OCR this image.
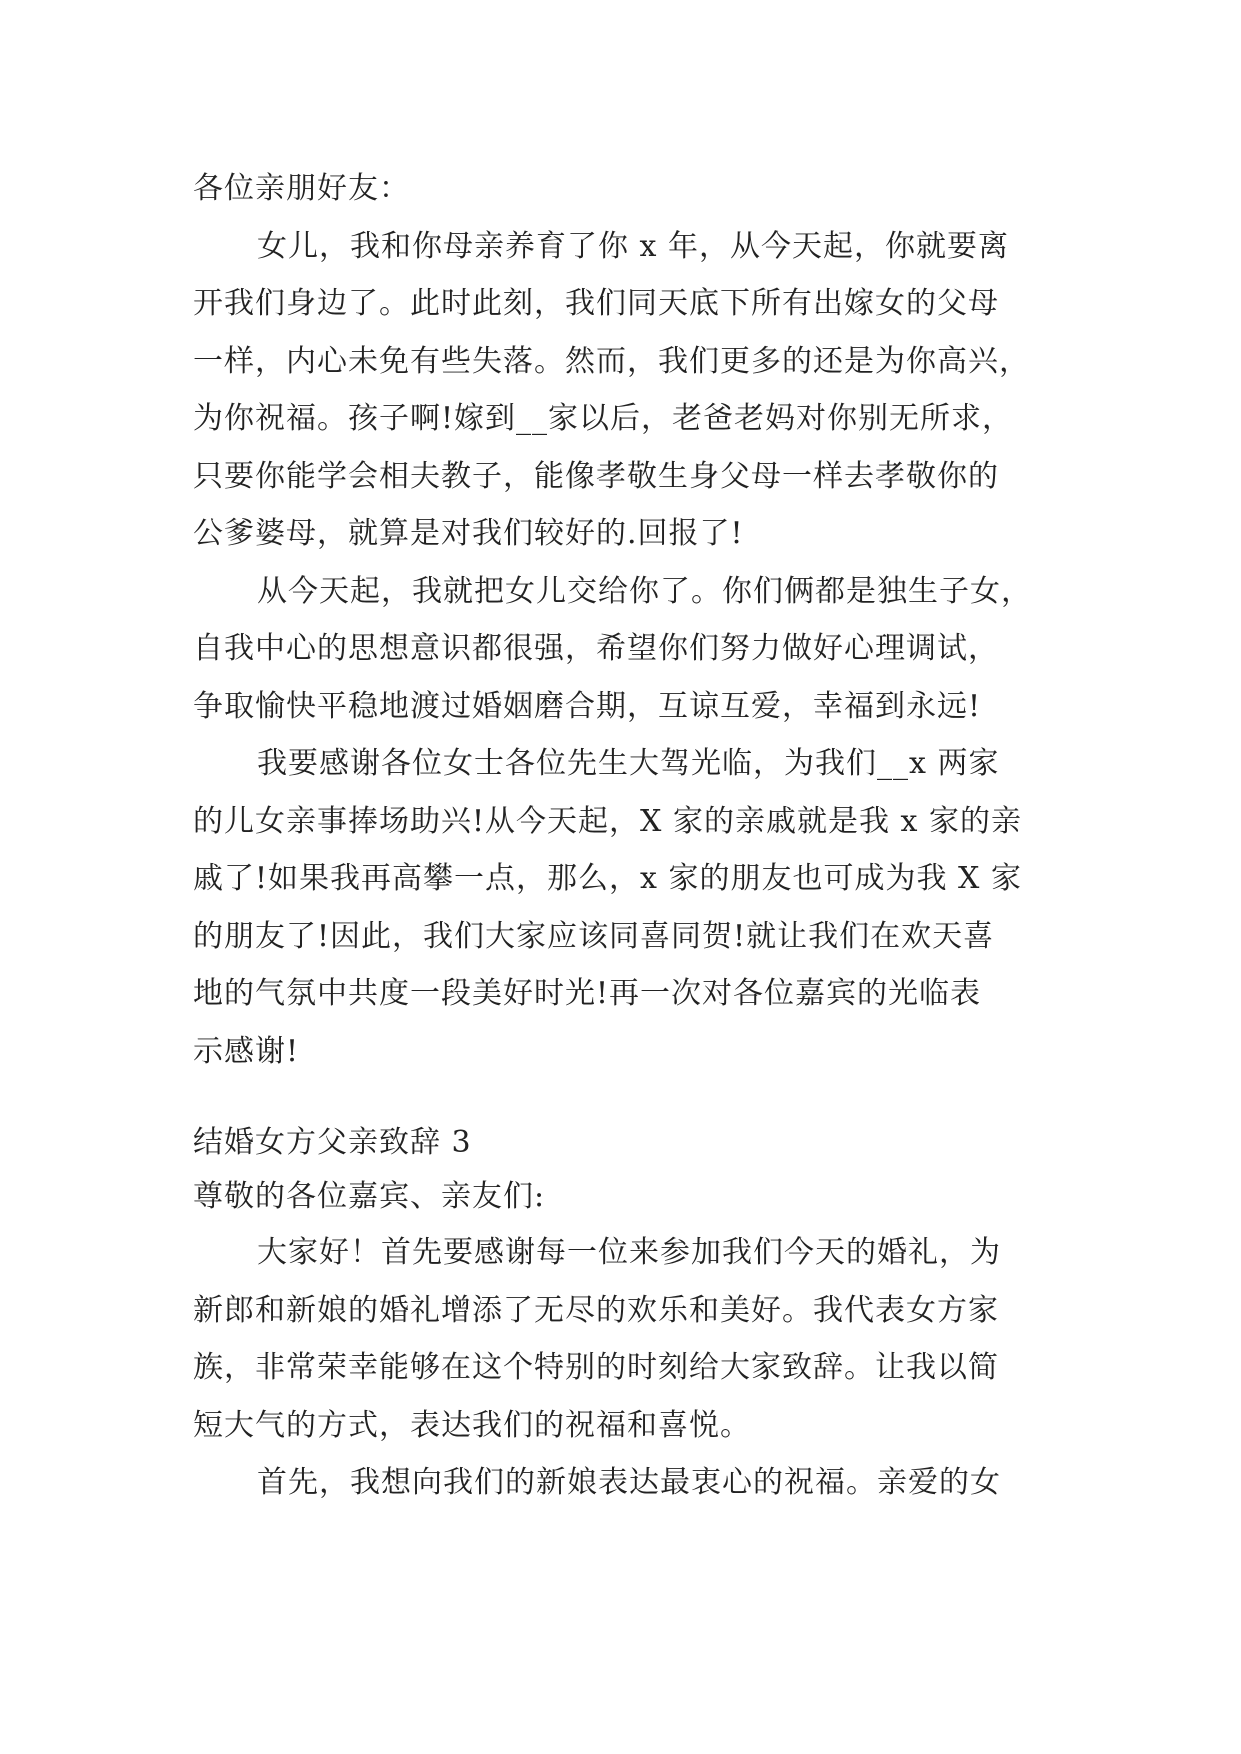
各位亲朋好友：
女儿，我和你母亲养育了你 x 年，从今天起，你就要离
开我们身边了。此时此刻，我们同天底下所有出嫁女的父母
一样，内心未免有些失落。然而，我们更多的还是为你高兴，
为你祝福。孩子啊!嫁到__家以后，老爸老妈对你别无所求，
只要你能学会相夫教子，能像孝敬生身父母一样去孝敬你的
公爹婆母，就算是对我们较好的.回报了!
从今天起，我就把女儿交给你了。你们俩都是独生子女，
自我中心的思想意识都很强，希望你们努力做好心理调试，
争取愉快平稳地渡过婚姻磨合期，互谅互爱，幸福到永远!
我要感谢各位女士各位先生大驾光临，为我们__x 两家
的儿女亲事捧场助兴!从今天起，X 家的亲戚就是我 x 家的亲
戚了!如果我再高攀一点，那么，x 家的朋友也可成为我 X 家
的朋友了!因此，我们大家应该同喜同贺!就让我们在欢天喜
地的气氛中共度一段美好时光!再一次对各位嘉宾的光临表
示感谢!
结婚女方父亲致辞 3
尊敬的各位嘉宾、亲友们:
大家好！首先要感谢每一位来参加我们今天的婚礼，为
新郎和新娘的婚礼增添了无尽的欢乐和美好。我代表女方家
族，非常荣幸能够在这个特别的时刻给大家致辞。让我以简
短大气的方式，表达我们的祝福和喜悦。
首先，我想向我们的新娘表达最衷心的祝福。亲爱的女
